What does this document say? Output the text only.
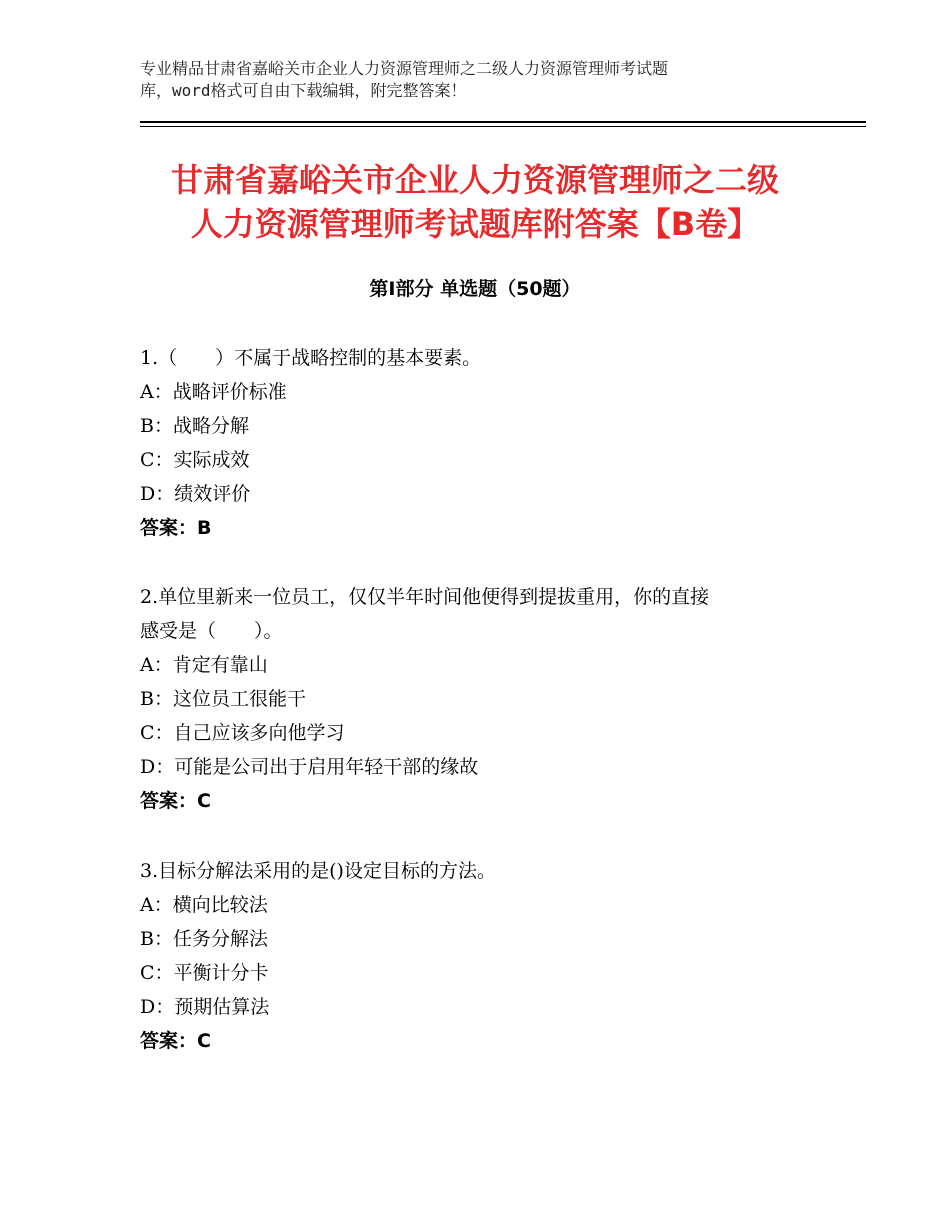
专业精品甘肃省嘉峪关市企业人力资源管理师之二级人力资源管理师考试题
库，word格式可自由下载编辑，附完整答案！
甘肃省嘉峪关市企业人力资源管理师之二级
人力资源管理师考试题库附答案【B卷】
第Ⅰ部分 单选题（50题）
1.（　　）不属于战略控制的基本要素。
A：战略评价标准
B：战略分解
C：实际成效
D：绩效评价
答案：B
2.单位里新来一位员工，仅仅半年时间他便得到提拔重用，你的直接
感受是（　　）。
A：肯定有靠山
B：这位员工很能干
C：自己应该多向他学习
D：可能是公司出于启用年轻干部的缘故
答案：C
3.目标分解法采用的是()设定目标的方法。
A：横向比较法
B：任务分解法
C：平衡计分卡
D：预期估算法
答案：C
